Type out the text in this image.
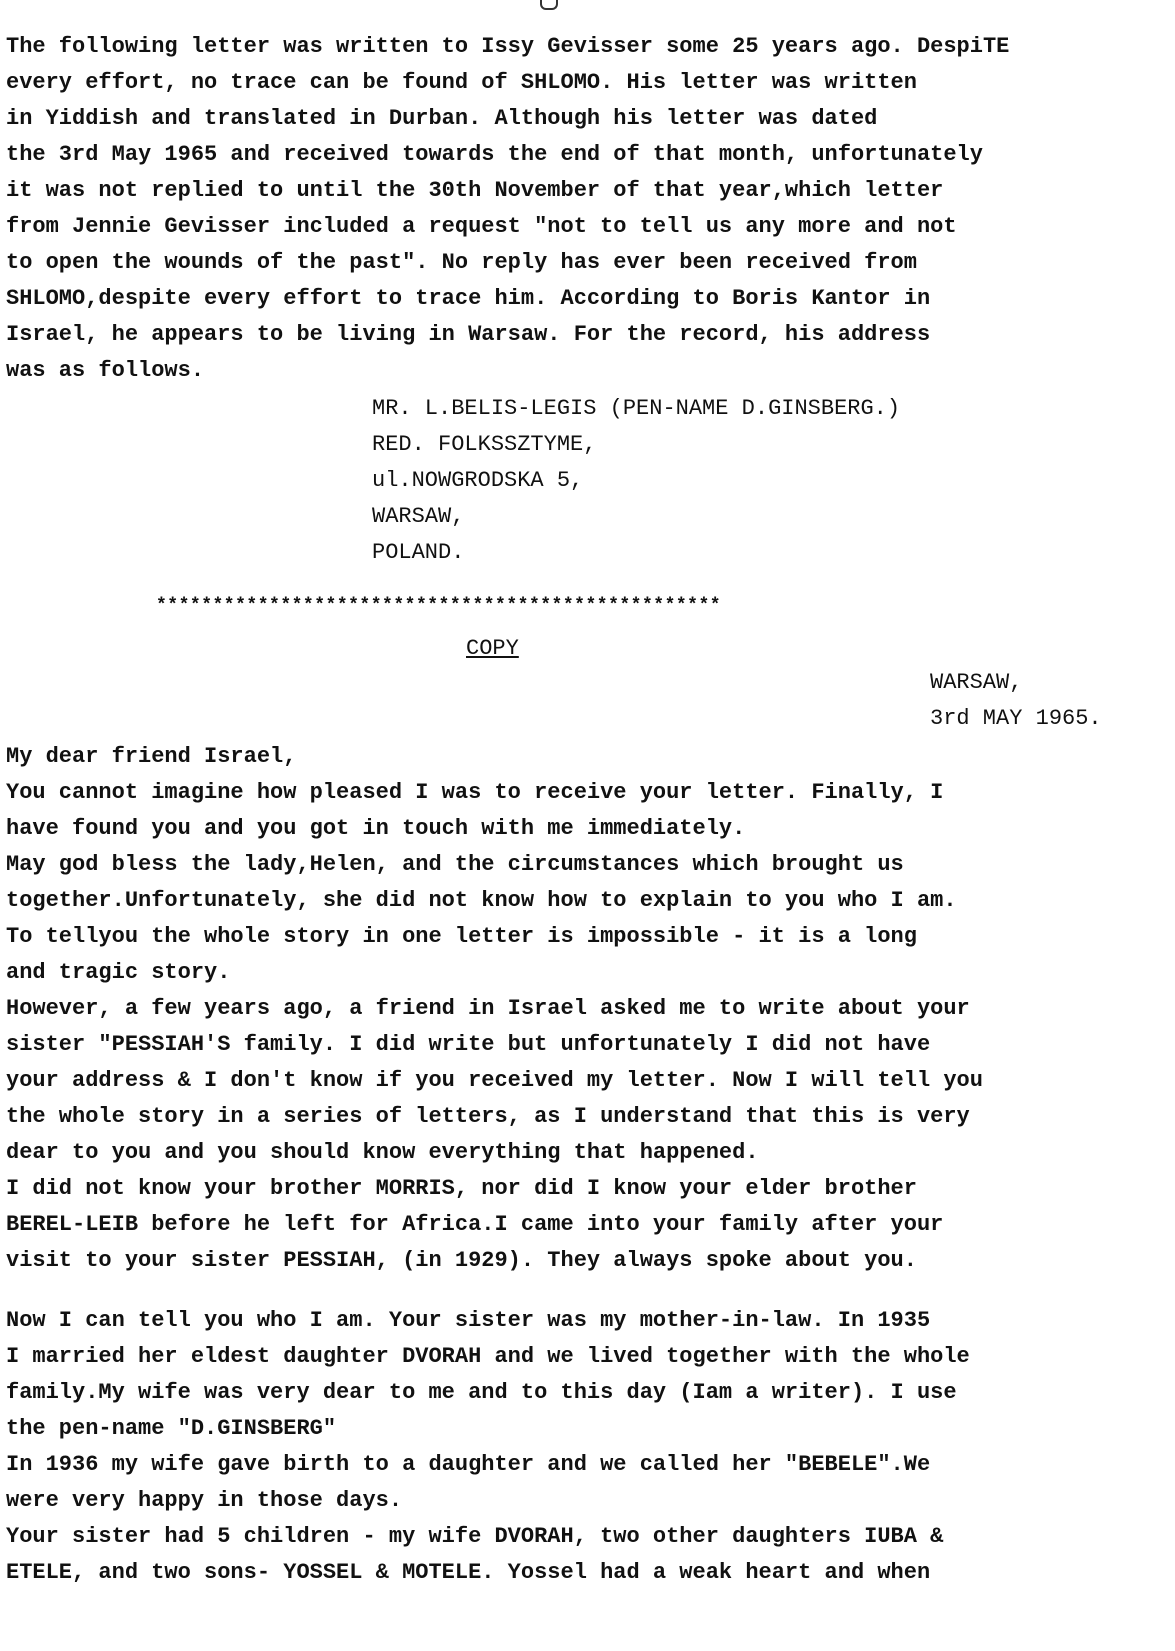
The following letter was written to Issy Gevisser some 25 years ago. DespiTE
every effort, no trace can be found of SHLOMO. His letter was written
in Yiddish and translated in Durban. Although his letter was dated
the 3rd May 1965 and received towards the end of that month, unfortunately
it was not replied to until the 30th November of that year,which letter
from Jennie Gevisser included a request "not to tell us any more and not
to open the wounds of the past". No reply has ever been received from
SHLOMO,despite every effort to trace him. According to Boris Kantor in
Israel, he appears to be living in Warsaw. For the record, his address
was as follows.
MR. L.BELIS-LEGIS (PEN-NAME D.GINSBERG.)
RED. FOLKSSZTYME,
ul.NOWGRODSKA 5,
WARSAW,
POLAND.
**************************************************
COPY
WARSAW,
3rd MAY 1965.
My dear friend Israel,
You cannot imagine how pleased I was to receive your letter. Finally, I
have found you and you got in touch with me immediately.
May god bless the lady,Helen, and the circumstances which brought us
together.Unfortunately, she did not know how to explain to you who I am.
To tellyou the whole story in one letter is impossible - it is a long
and tragic story.
However, a few years ago, a friend in Israel asked me to write about your
sister "PESSIAH'S family. I did write but unfortunately I did not have
your address & I don't know if you received my letter. Now I will tell you
the whole story in a series of letters, as I understand that this is very
dear to you and you should know everything that happened.
I did not know your brother MORRIS, nor did I know your elder brother
BEREL-LEIB before he left for Africa.I came into your family after your
visit to your sister PESSIAH, (in 1929). They always spoke about you.
Now I can tell you who I am. Your sister was my mother-in-law. In 1935
I married her eldest daughter DVORAH and we lived together with the whole
family.My wife was very dear to me and to this day (Iam a writer). I use
the pen-name "D.GINSBERG"
In 1936 my wife gave birth to a daughter and we called her "BEBELE".We
were very happy in those days.
Your sister had 5 children - my wife DVORAH, two other daughters IUBA &
ETELE, and two sons- YOSSEL & MOTELE. Yossel had a weak heart and when
